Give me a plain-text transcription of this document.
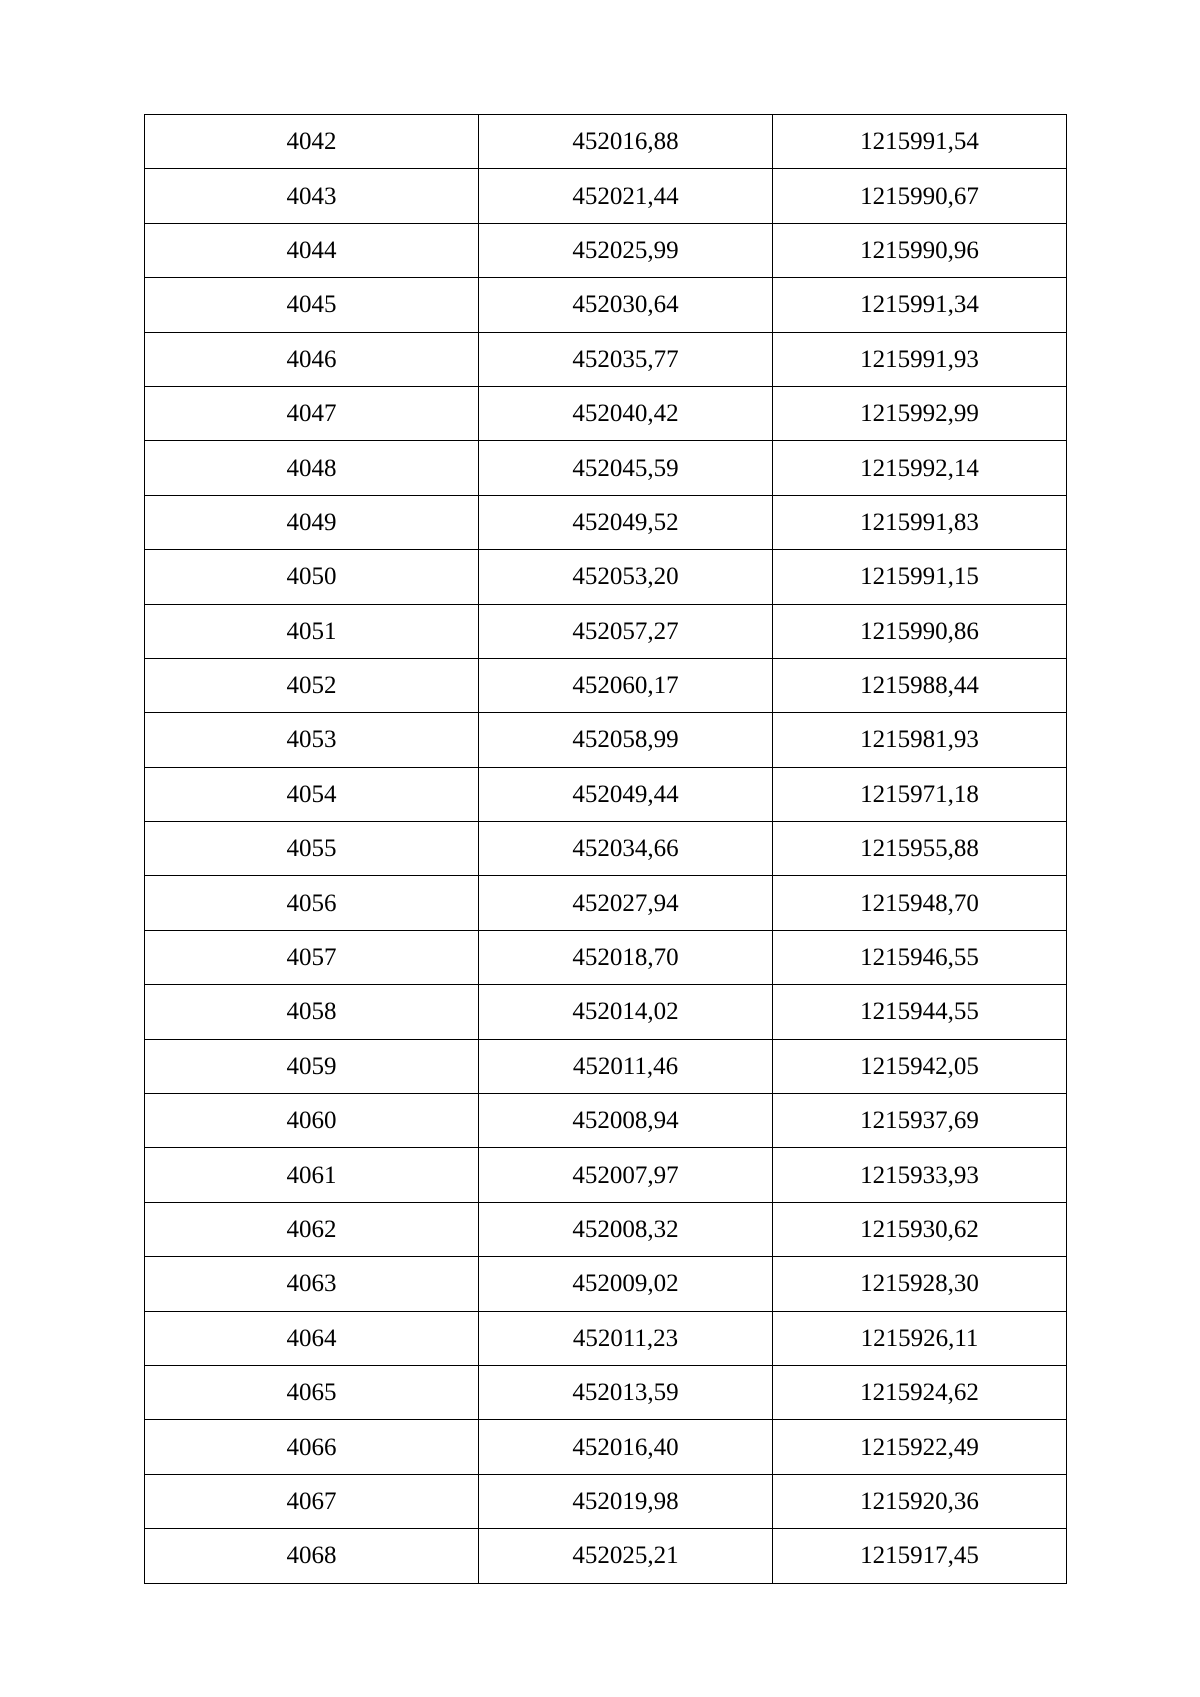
4042	452016,88	1215991,54
4043	452021,44	1215990,67
4044	452025,99	1215990,96
4045	452030,64	1215991,34
4046	452035,77	1215991,93
4047	452040,42	1215992,99
4048	452045,59	1215992,14
4049	452049,52	1215991,83
4050	452053,20	1215991,15
4051	452057,27	1215990,86
4052	452060,17	1215988,44
4053	452058,99	1215981,93
4054	452049,44	1215971,18
4055	452034,66	1215955,88
4056	452027,94	1215948,70
4057	452018,70	1215946,55
4058	452014,02	1215944,55
4059	452011,46	1215942,05
4060	452008,94	1215937,69
4061	452007,97	1215933,93
4062	452008,32	1215930,62
4063	452009,02	1215928,30
4064	452011,23	1215926,11
4065	452013,59	1215924,62
4066	452016,40	1215922,49
4067	452019,98	1215920,36
4068	452025,21	1215917,45
